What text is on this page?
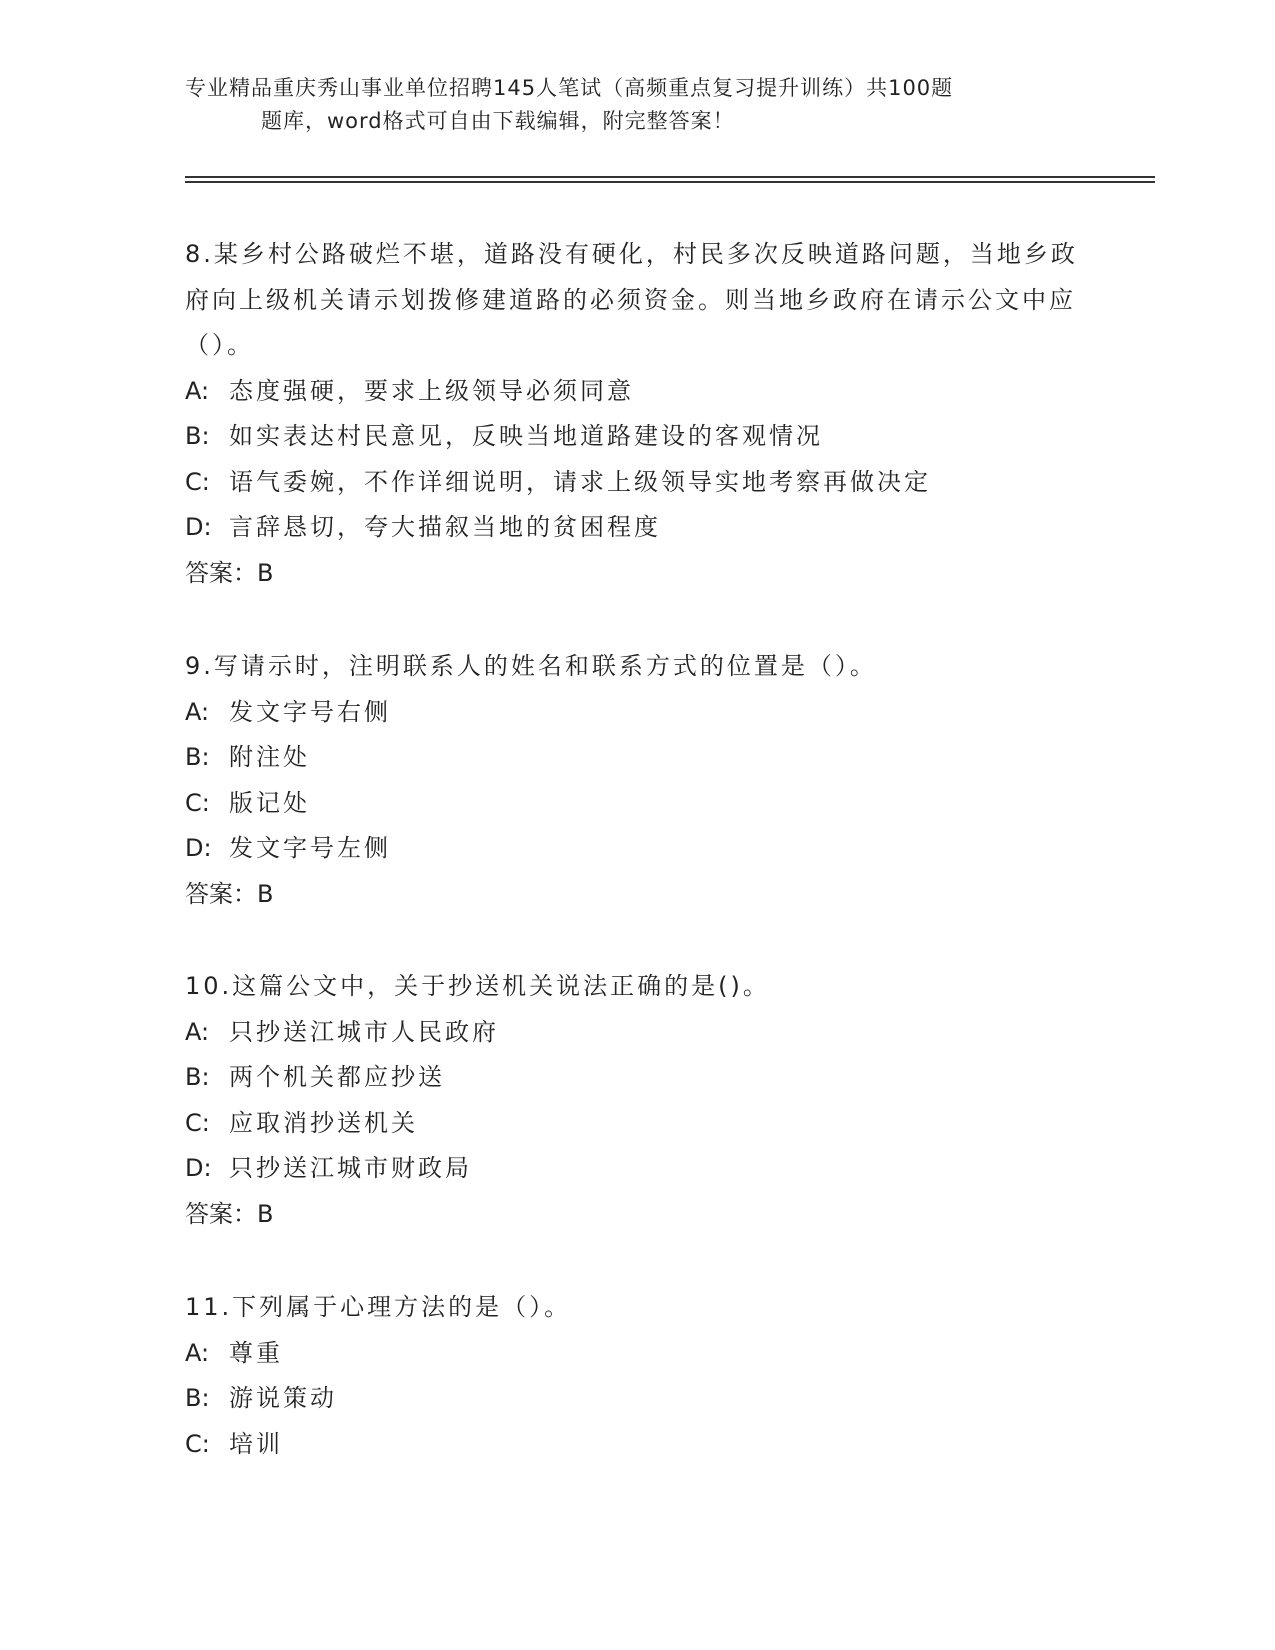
专业精品重庆秀山事业单位招聘145人笔试（高频重点复习提升训练）共100题
题库，word格式可自由下载编辑，附完整答案！
8.某乡村公路破烂不堪，道路没有硬化，村民多次反映道路问题，当地乡政府向上级机关请示划拨修建道路的必须资金。则当地乡政府在请示公文中应（）。
A: 态度强硬，要求上级领导必须同意
B: 如实表达村民意见，反映当地道路建设的客观情况
C: 语气委婉，不作详细说明，请求上级领导实地考察再做决定
D: 言辞恳切，夸大描叙当地的贫困程度
答案：B
9.写请示时，注明联系人的姓名和联系方式的位置是（）。
A: 发文字号右侧
B: 附注处
C: 版记处
D: 发文字号左侧
答案：B
10.这篇公文中，关于抄送机关说法正确的是()。
A: 只抄送江城市人民政府
B: 两个机关都应抄送
C: 应取消抄送机关
D: 只抄送江城市财政局
答案：B
11.下列属于心理方法的是（）。
A: 尊重
B: 游说策动
C: 培训
